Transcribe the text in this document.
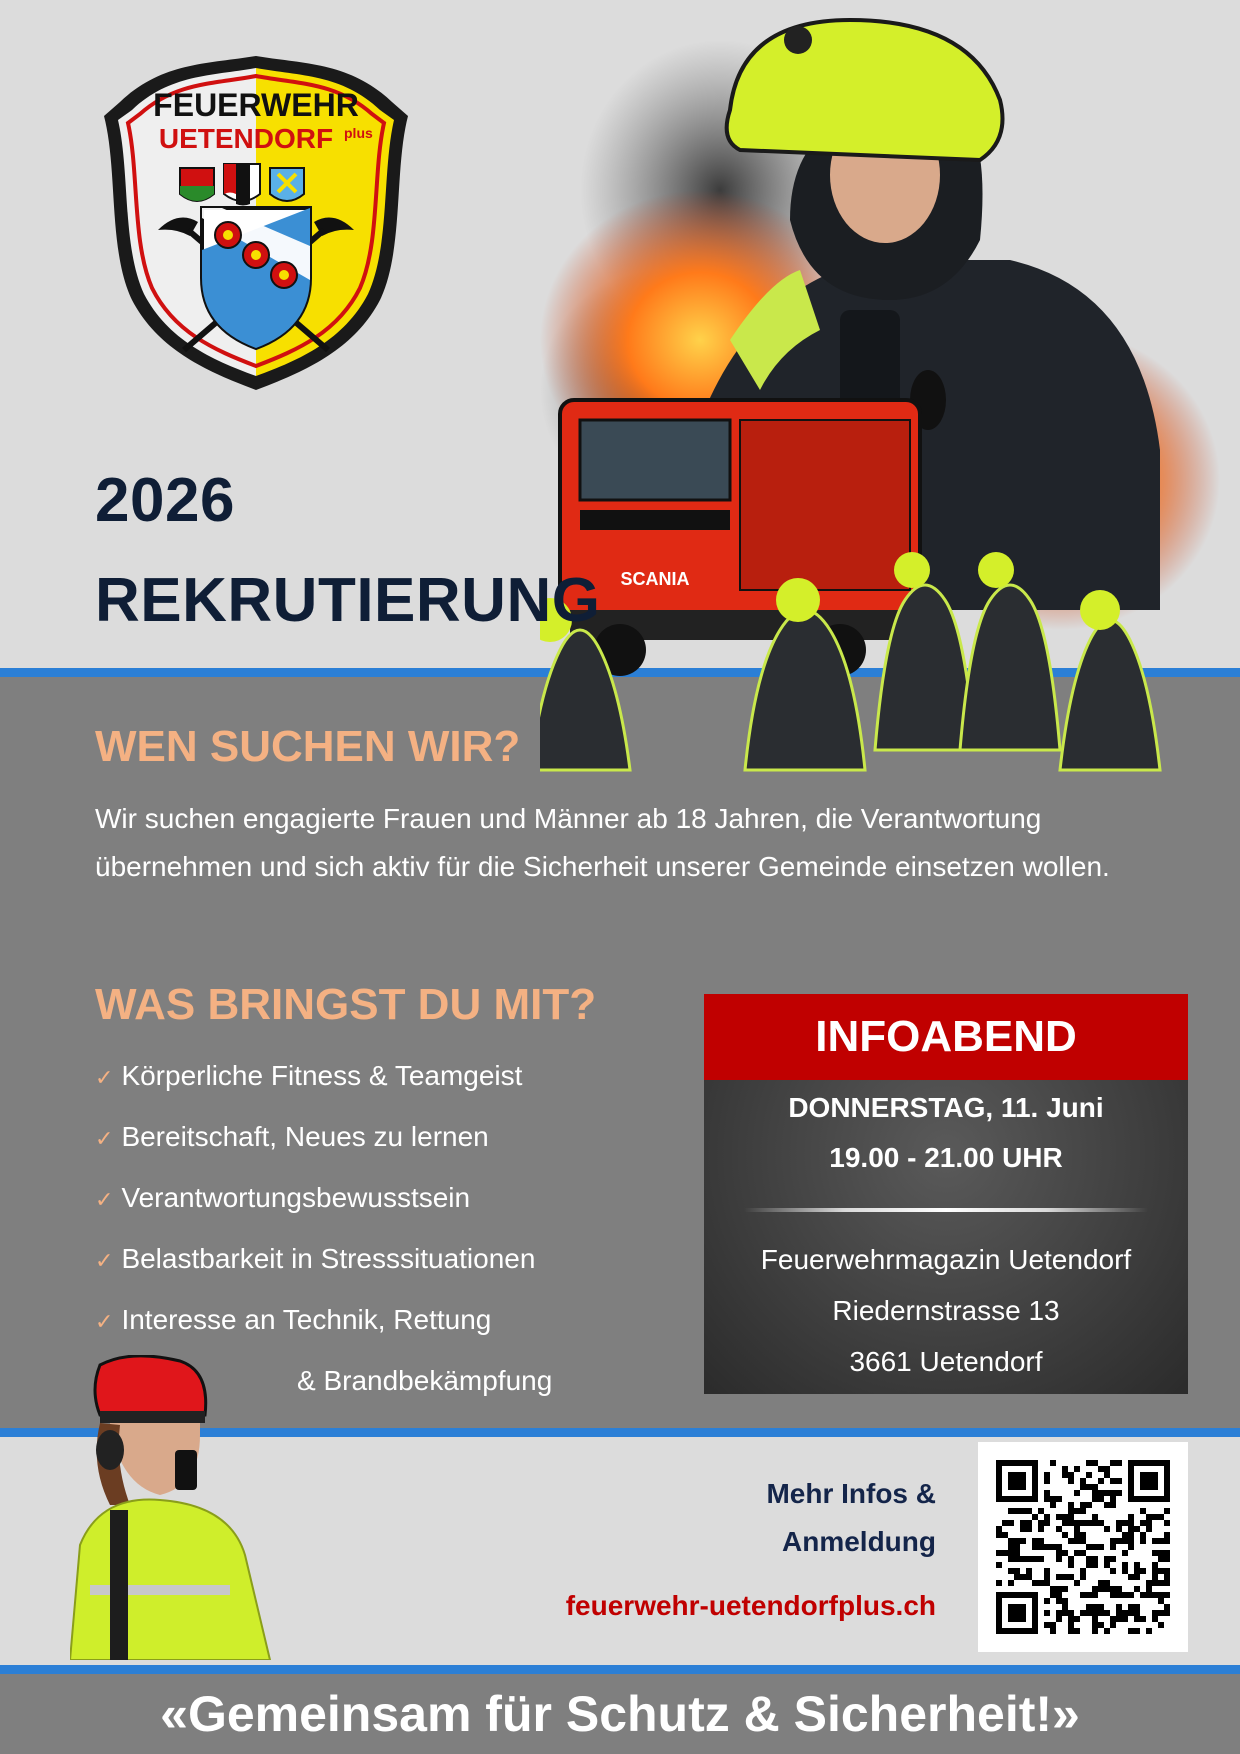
FEUERWEHR
UETENDORF plus
SCANIA
2026
REKRUTIERUNG
WEN SUCHEN WIR?
Wir suchen engagierte Frauen und Männer ab 18 Jahren, die Verantwortung übernehmen und sich aktiv für die Sicherheit unserer Gemeinde einsetzen wollen.
WAS BRINGST DU MIT?
✓ Körperliche Fitness & Teamgeist
✓ Bereitschaft, Neues zu lernen
✓ Verantwortungsbewusstsein
✓ Belastbarkeit in Stresssituationen
✓ Interesse an Technik, Rettung
& Brandbekämpfung
INFOABEND
DONNERSTAG, 11. Juni
19.00 - 21.00 UHR
Feuerwehrmagazin Uetendorf
Riedernstrasse 13
3661 Uetendorf
Mehr Infos &
Anmeldung
feuerwehr-uetendorfplus.ch
«Gemeinsam für Schutz & Sicherheit!»
